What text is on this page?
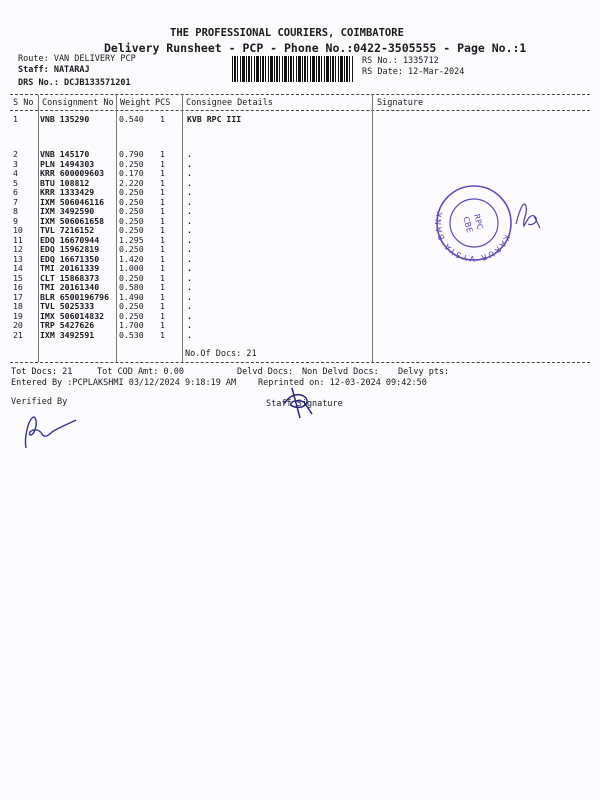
THE PROFESSIONAL COURIERS, COIMBATORE
Delivery Runsheet - PCP - Phone No.:0422-3505555 - Page No.:1
Route: VAN DELIVERY PCP
Staff: NATARAJ
DRS No.: DCJB133571201
RS No.: 1335712
RS Date: 12-Mar-2024
S No Consignment No Weight PCS Consignee Details	Signature
1	VNB 135290	0.540 1	KVB RPC III
2	VNB 145170	0.790 1	.
3	PLN 1494303	0.250 1	.
4	KRR 600009603 0.170 1	.
5	BTU 108812	2.220 1	.
6	KRR 1333429	0.250 1	.
7	IXM 506046116 0.250 1	.
8	IXM 3492590	0.250 1	.
9	IXM 506061658 0.250 1	.
10 TVL 7216152	0.250 1	.
11 EDQ 16670944 1.295 1	.
12 EDQ 15962819 0.250 1	.
13 EDQ 16671350 1.420 1	.
14 TMI 20161339 1.000 1	.
15 CLT 15868373 0.250 1	.
16 TMI 20161340 0.580 1	.
17 BLR 6500196796 1.490 1	.
18 TVL 5025333	0.250 1	.
19 IMX 506014832 0.250 1	.
20 TRP 5427626	1.700 1	.
21 IXM 3492591	0.530 1	.
No.Of Docs: 21
Tot Docs: 21	Tot COD Amt: 0.00	Delvd Docs: Non Delvd Docs: Delvy pts:
Entered By :PCPLAKSHMI 03/12/2024 9:18:19 AM	Reprinted on: 12-03-2024 09:42:50
Verified By	Staff Signature
KARUR VYSYA BANK	RPC
CBE
